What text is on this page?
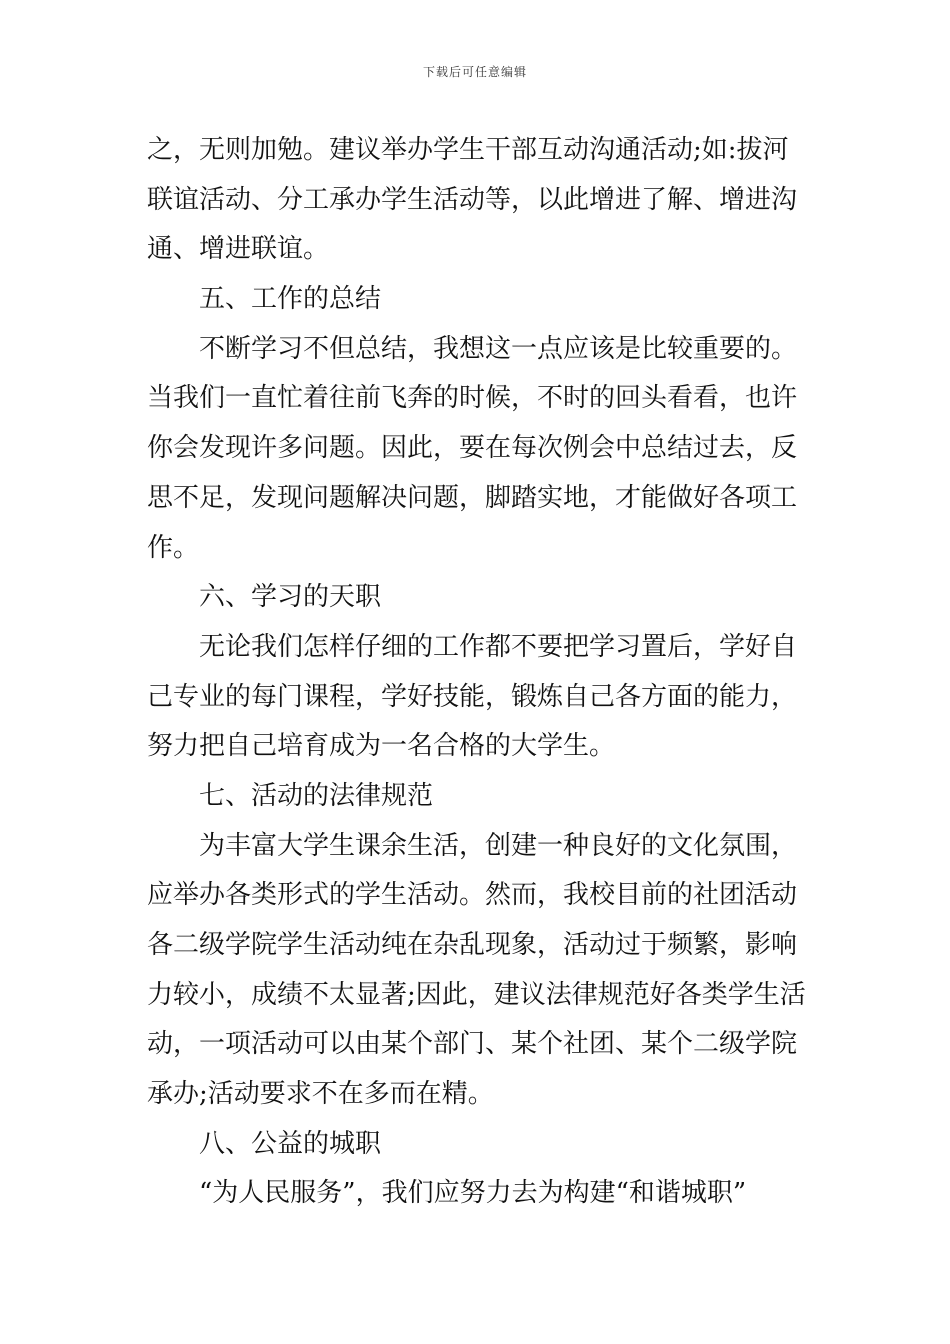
下载后可任意编辑
之，无则加勉。建议举办学生干部互动沟通活动;如:拔河
联谊活动、分工承办学生活动等，以此增进了解、增进沟
通、增进联谊。
五、工作的总结
不断学习不但总结，我想这一点应该是比较重要的。
当我们一直忙着往前飞奔的时候，不时的回头看看，也许
你会发现许多问题。因此，要在每次例会中总结过去，反
思不足，发现问题解决问题，脚踏实地，才能做好各项工
作。
六、学习的天职
无论我们怎样仔细的工作都不要把学习置后，学好自
己专业的每门课程，学好技能，锻炼自己各方面的能力，
努力把自己培育成为一名合格的大学生。
七、活动的法律规范
为丰富大学生课余生活，创建一种良好的文化氛围，
应举办各类形式的学生活动。然而，我校目前的社团活动
各二级学院学生活动纯在杂乱现象，活动过于频繁，影响
力较小，成绩不太显著;因此，建议法律规范好各类学生活
动，一项活动可以由某个部门、某个社团、某个二级学院
承办;活动要求不在多而在精。
八、公益的城职
“为人民服务”，我们应努力去为构建“和谐城职”
